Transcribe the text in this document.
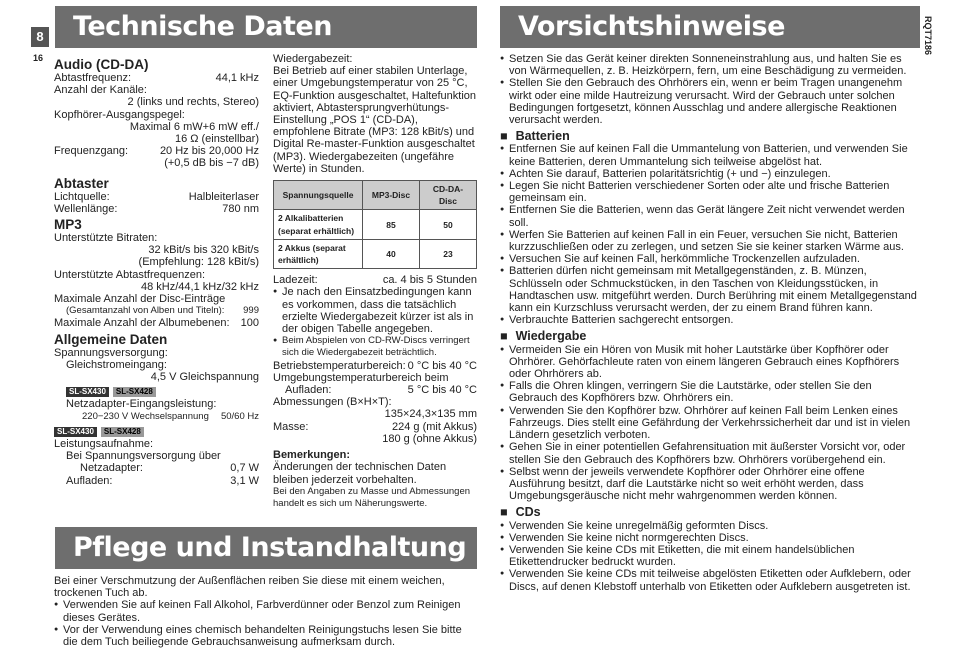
8
16
RQT7186
Technische Daten	Vorsichtshinweise
Audio (CD-DA)
Abtastfrequenz:	44,1 kHz
Anzahl der Kanäle:
2 (links und rechts, Stereo)
Kopfhörer-Ausgangspegel:
Maximal 6 mW+6 mW eff./
16 Ω (einstellbar)
Frequenzgang:	20 Hz bis 20,000 Hz
(+0,5 dB bis −7 dB)
Abtaster
Lichtquelle:	Halbleiterlaser
Wellenlänge:	780 nm
MP3
Unterstützte Bitraten:
32 kBit/s bis 320 kBit/s
(Empfehlung: 128 kBit/s)
Unterstützte Abtastfrequenzen:
48 kHz/44,1 kHz/32 kHz
Maximale Anzahl der Disc-Einträge
(Gesamtanzahl von Alben und Titeln): 999
Maximale Anzahl der Albumebenen: 100
Allgemeine Daten
Spannungsversorgung:
Gleichstromeingang:
4,5 V Gleichspannung
SL-SX430 SL-SX428
Netzadapter-Eingangsleistung:
220−230 V Wechselspannung 50/60 Hz
SL-SX430 SL-SX428
Leistungsaufnahme:
Bei Spannungsversorgung über
Netzadapter:	0,7 W
Aufladen:	3,1 W
Wiedergabezeit:
Bei Betrieb auf einer stabilen Unterlage, einer Umgebungstemperatur von 25 °C, EQ-Funktion ausgeschaltet, Haltefunktion aktiviert, Abtastersprungverhütungs-Einstellung „POS 1“ (CD-DA), empfohlene Bitrate (MP3: 128 kBit/s) und Digital Re-master-Funktion ausgeschaltet (MP3). Wiedergabezeiten (ungefähre Werte) in Stunden.
Spannungsquelle	MP3-Disc	CD-DA-Disc
2 Alkalibatterien (separat erhältlich)	85	50
2 Akkus (separat erhältlich)	40	23
Ladezeit:	ca. 4 bis 5 Stunden
● Je nach den Einsatzbedingungen kann es vorkommen, dass die tatsächlich erzielte Wiedergabezeit kürzer ist als in der obigen Tabelle angegeben.
● Beim Abspielen von CD-RW-Discs verringert sich die Wiedergabezeit beträchtlich.
Betriebstemperaturbereich: 0 °C bis 40 °C
Umgebungstemperaturbereich beim
Aufladen:	5 °C bis 40 °C
Abmessungen (B×H×T):
135×24,3×135 mm
Masse:	224 g (mit Akkus)
180 g (ohne Akkus)
Bemerkungen:
Änderungen der technischen Daten bleiben jederzeit vorbehalten.
Bei den Angaben zu Masse und Abmessungen handelt es sich um Näherungswerte.
Pflege und Instandhaltung
Bei einer Verschmutzung der Außenflächen reiben Sie diese mit einem weichen, trockenen Tuch ab.
● Verwenden Sie auf keinen Fall Alkohol, Farbverdünner oder Benzol zum Reinigen dieses Gerätes.
● Vor der Verwendung eines chemisch behandelten Reinigungstuchs lesen Sie bitte die dem Tuch beiliegende Gebrauchsanweisung aufmerksam durch.
● Setzen Sie das Gerät keiner direkten Sonneneinstrahlung aus, und halten Sie es von Wärmequellen, z. B. Heizkörpern, fern, um eine Beschädigung zu vermeiden.
● Stellen Sie den Gebrauch des Ohrhörers ein, wenn er beim Tragen unangenehm wirkt oder eine milde Hautreizung verursacht. Wird der Gebrauch unter solchen Bedingungen fortgesetzt, können Ausschlag und andere allergische Reaktionen verursacht werden.
■ Batterien
● Entfernen Sie auf keinen Fall die Ummantelung von Batterien, und verwenden Sie keine Batterien, deren Ummantelung sich teilweise abgelöst hat.
● Achten Sie darauf, Batterien polaritätsrichtig (+ und −) einzulegen.
● Legen Sie nicht Batterien verschiedener Sorten oder alte und frische Batterien gemeinsam ein.
● Entfernen Sie die Batterien, wenn das Gerät längere Zeit nicht verwendet werden soll.
● Werfen Sie Batterien auf keinen Fall in ein Feuer, versuchen Sie nicht, Batterien kurzzuschließen oder zu zerlegen, und setzen Sie sie keiner starken Wärme aus.
● Versuchen Sie auf keinen Fall, herkömmliche Trockenzellen aufzuladen.
● Batterien dürfen nicht gemeinsam mit Metallgegenständen, z. B. Münzen, Schlüsseln oder Schmuckstücken, in den Taschen von Kleidungsstücken, in Handtaschen usw. mitgeführt werden. Durch Berühring mit einem Metallgegenstand kann ein Kurzschluss verursacht werden, der zu einem Brand führen kann.
● Verbrauchte Batterien sachgerecht entsorgen.
■ Wiedergabe
● Vermeiden Sie ein Hören von Musik mit hoher Lautstärke über Kopfhörer oder Ohrhörer. Gehörfachleute raten von einem längeren Gebrauch eines Kopfhörers oder Ohrhörers ab.
● Falls die Ohren klingen, verringern Sie die Lautstärke, oder stellen Sie den Gebrauch des Kopfhörers bzw. Ohrhörers ein.
● Verwenden Sie den Kopfhörer bzw. Ohrhörer auf keinen Fall beim Lenken eines Fahrzeugs. Dies stellt eine Gefährdung der Verkehrssicherheit dar und ist in vielen Ländern gesetzlich verboten.
● Gehen Sie in einer potentiellen Gefahrensituation mit äußerster Vorsicht vor, oder stellen Sie den Gebrauch des Kopfhörers bzw. Ohrhörers vorübergehend ein.
● Selbst wenn der jeweils verwendete Kopfhörer oder Ohrhörer eine offene Ausführung besitzt, darf die Lautstärke nicht so weit erhöht werden, dass Umgebungsgeräusche nicht mehr wahrgenommen werden können.
■ CDs
● Verwenden Sie keine unregelmäßig geformten Discs.
● Verwenden Sie keine nicht normgerechten Discs.
● Verwenden Sie keine CDs mit Etiketten, die mit einem handelsüblichen Etikettendrucker bedruckt wurden.
● Verwenden Sie keine CDs mit teilweise abgelösten Etiketten oder Aufklebern, oder Discs, auf denen Klebstoff unterhalb von Etiketten oder Aufklebern ausgetreten ist.
